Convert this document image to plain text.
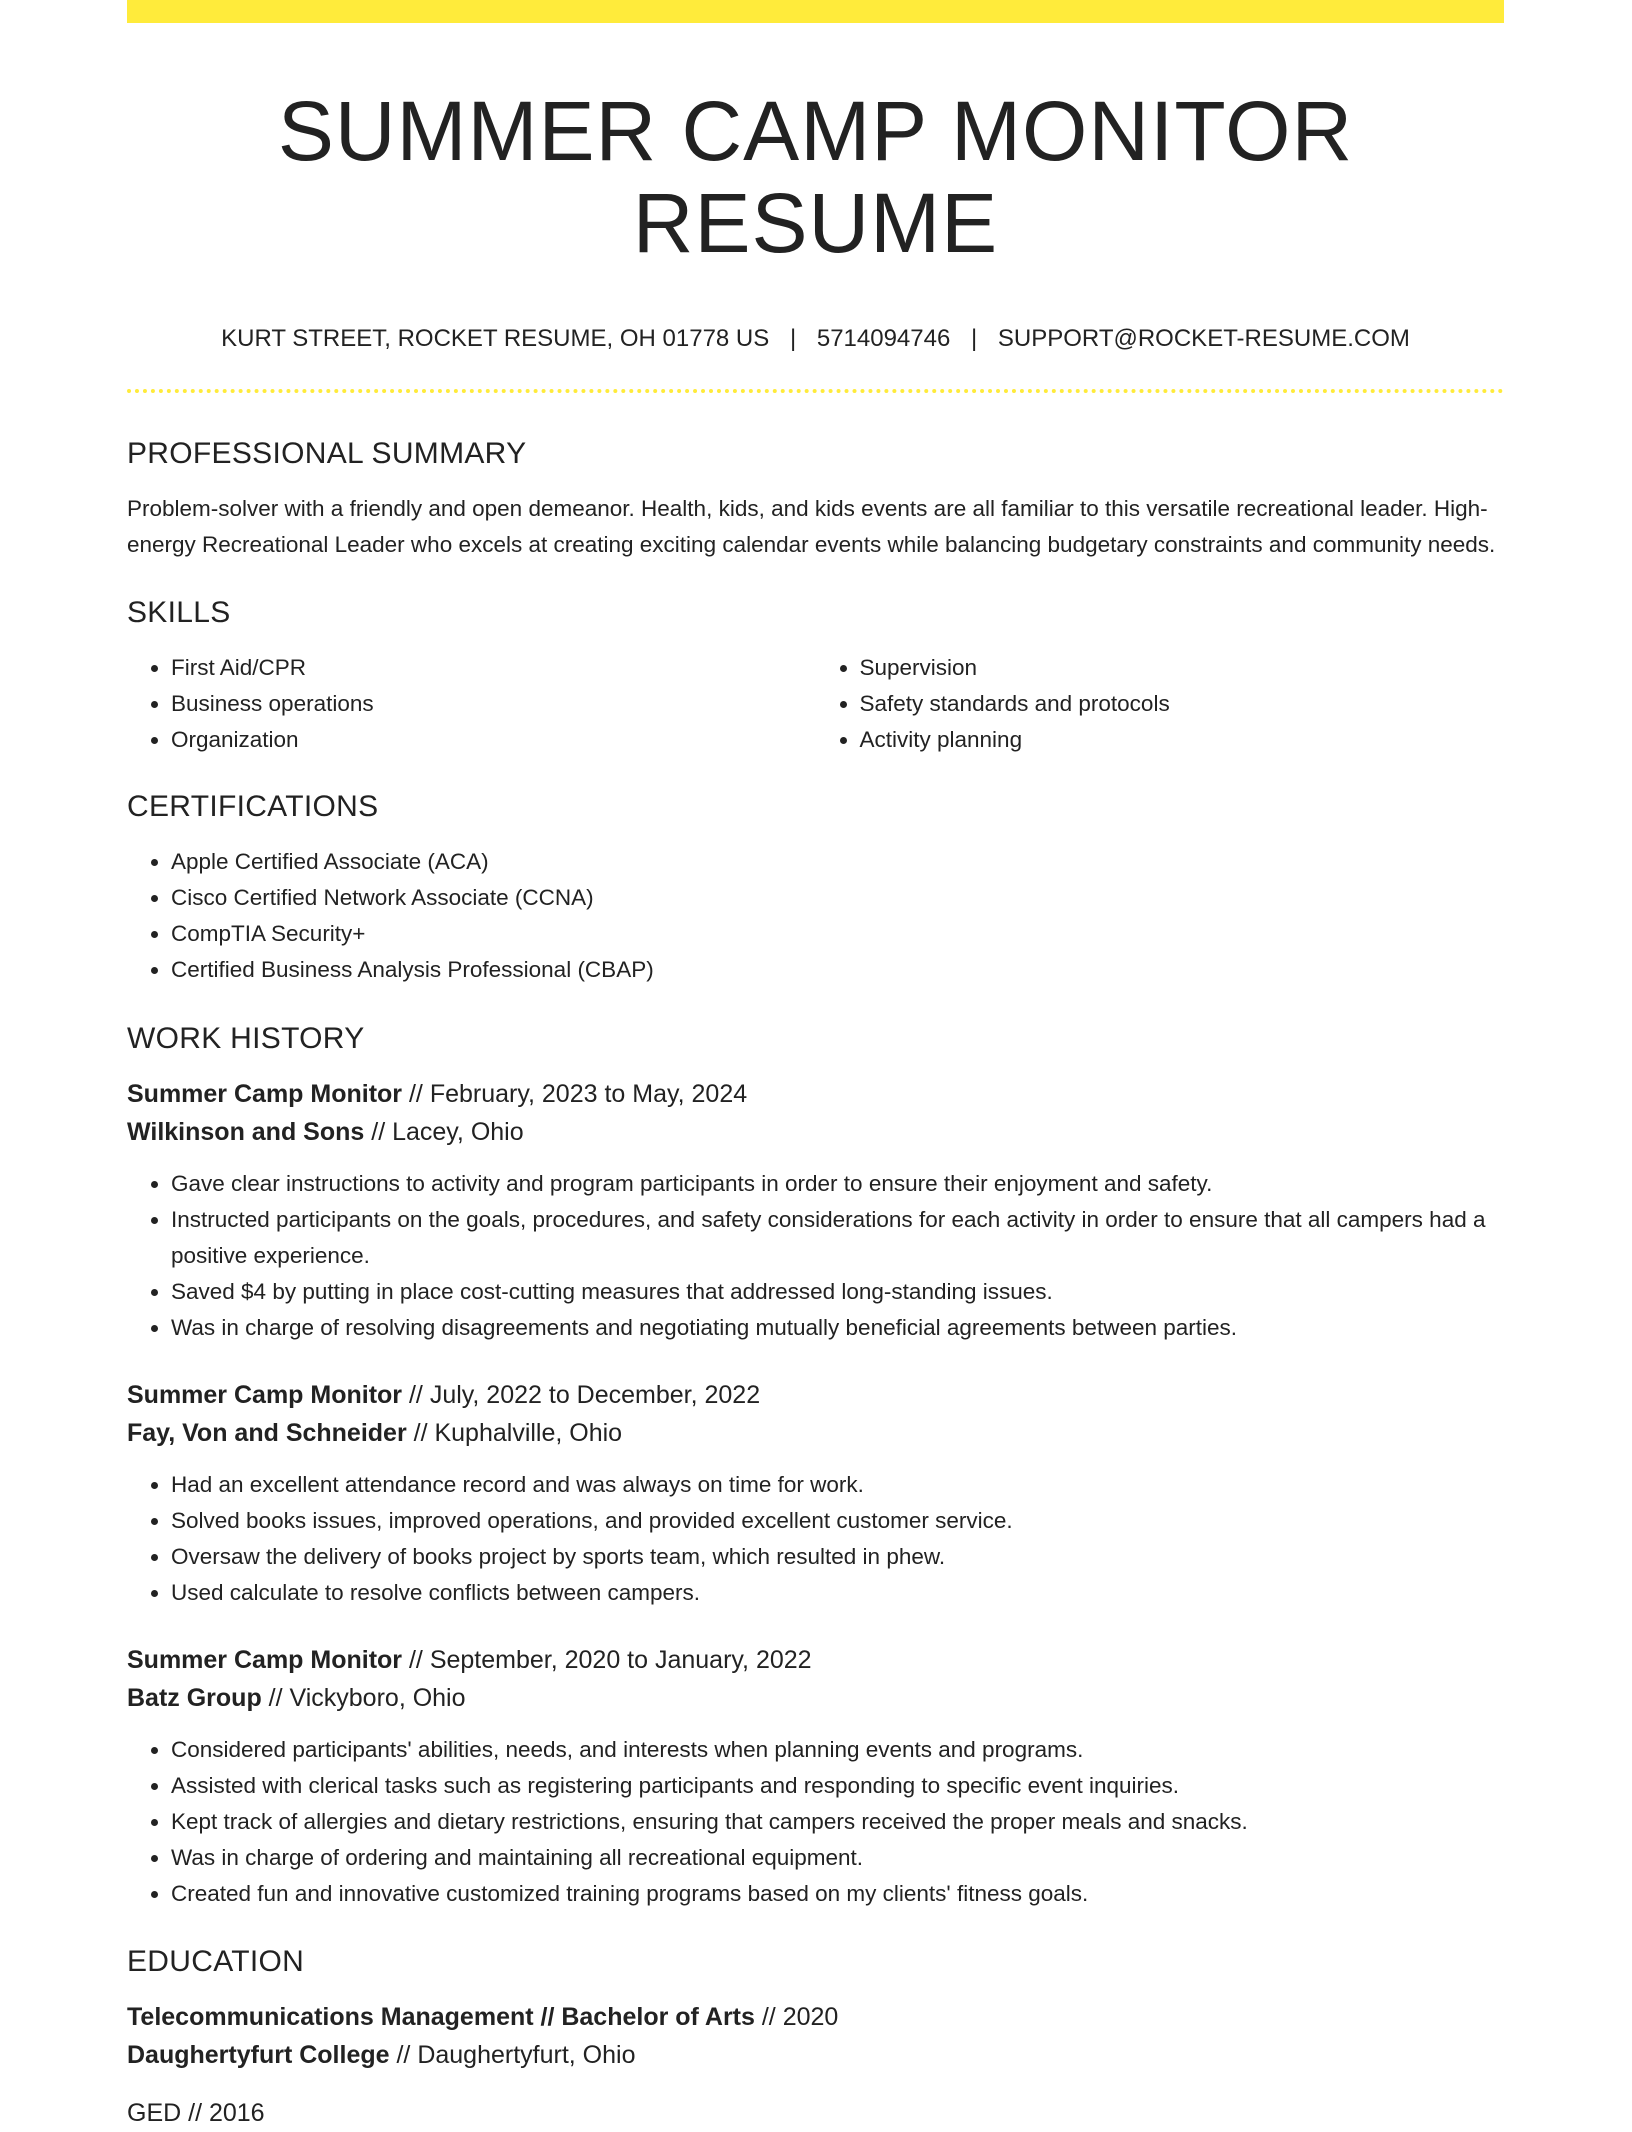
SUMMER CAMP MONITOR RESUME
KURT STREET, ROCKET RESUME, OH 01778 US | 5714094746 | SUPPORT@ROCKET-RESUME.COM
PROFESSIONAL SUMMARY

Problem-solver with a friendly and open demeanor. Health, kids, and kids events are all familiar to this versatile recreational leader. High-energy Recreational Leader who excels at creating exciting calendar events while balancing budgetary constraints and community needs.

SKILLS
• First Aid/CPR
• Business operations
• Organization
• Supervision
• Safety standards and protocols
• Activity planning
CERTIFICATIONS
• Apple Certified Associate (ACA)
• Cisco Certified Network Associate (CCNA)
• CompTIA Security+
• Certified Business Analysis Professional (CBAP)
WORK HISTORY
Summer Camp Monitor // February, 2023 to May, 2024
Wilkinson and Sons // Lacey, Ohio
• Gave clear instructions to activity and program participants in order to ensure their enjoyment and safety.
• Instructed participants on the goals, procedures, and safety considerations for each activity in order to ensure that all campers had a positive experience.
• Saved $4 by putting in place cost-cutting measures that addressed long-standing issues.
• Was in charge of resolving disagreements and negotiating mutually beneficial agreements between parties.
Summer Camp Monitor // July, 2022 to December, 2022
Fay, Von and Schneider // Kuphalville, Ohio
• Had an excellent attendance record and was always on time for work.
• Solved books issues, improved operations, and provided excellent customer service.
• Oversaw the delivery of books project by sports team, which resulted in phew.
• Used calculate to resolve conflicts between campers.
Summer Camp Monitor // September, 2020 to January, 2022
Batz Group // Vickyboro, Ohio
• Considered participants' abilities, needs, and interests when planning events and programs.
• Assisted with clerical tasks such as registering participants and responding to specific event inquiries.
• Kept track of allergies and dietary restrictions, ensuring that campers received the proper meals and snacks.
• Was in charge of ordering and maintaining all recreational equipment.
• Created fun and innovative customized training programs based on my clients' fitness goals.
EDUCATION
Telecommunications Management // Bachelor of Arts // 2020
Daughertyfurt College // Daughertyfurt, Ohio
GED // 2016
